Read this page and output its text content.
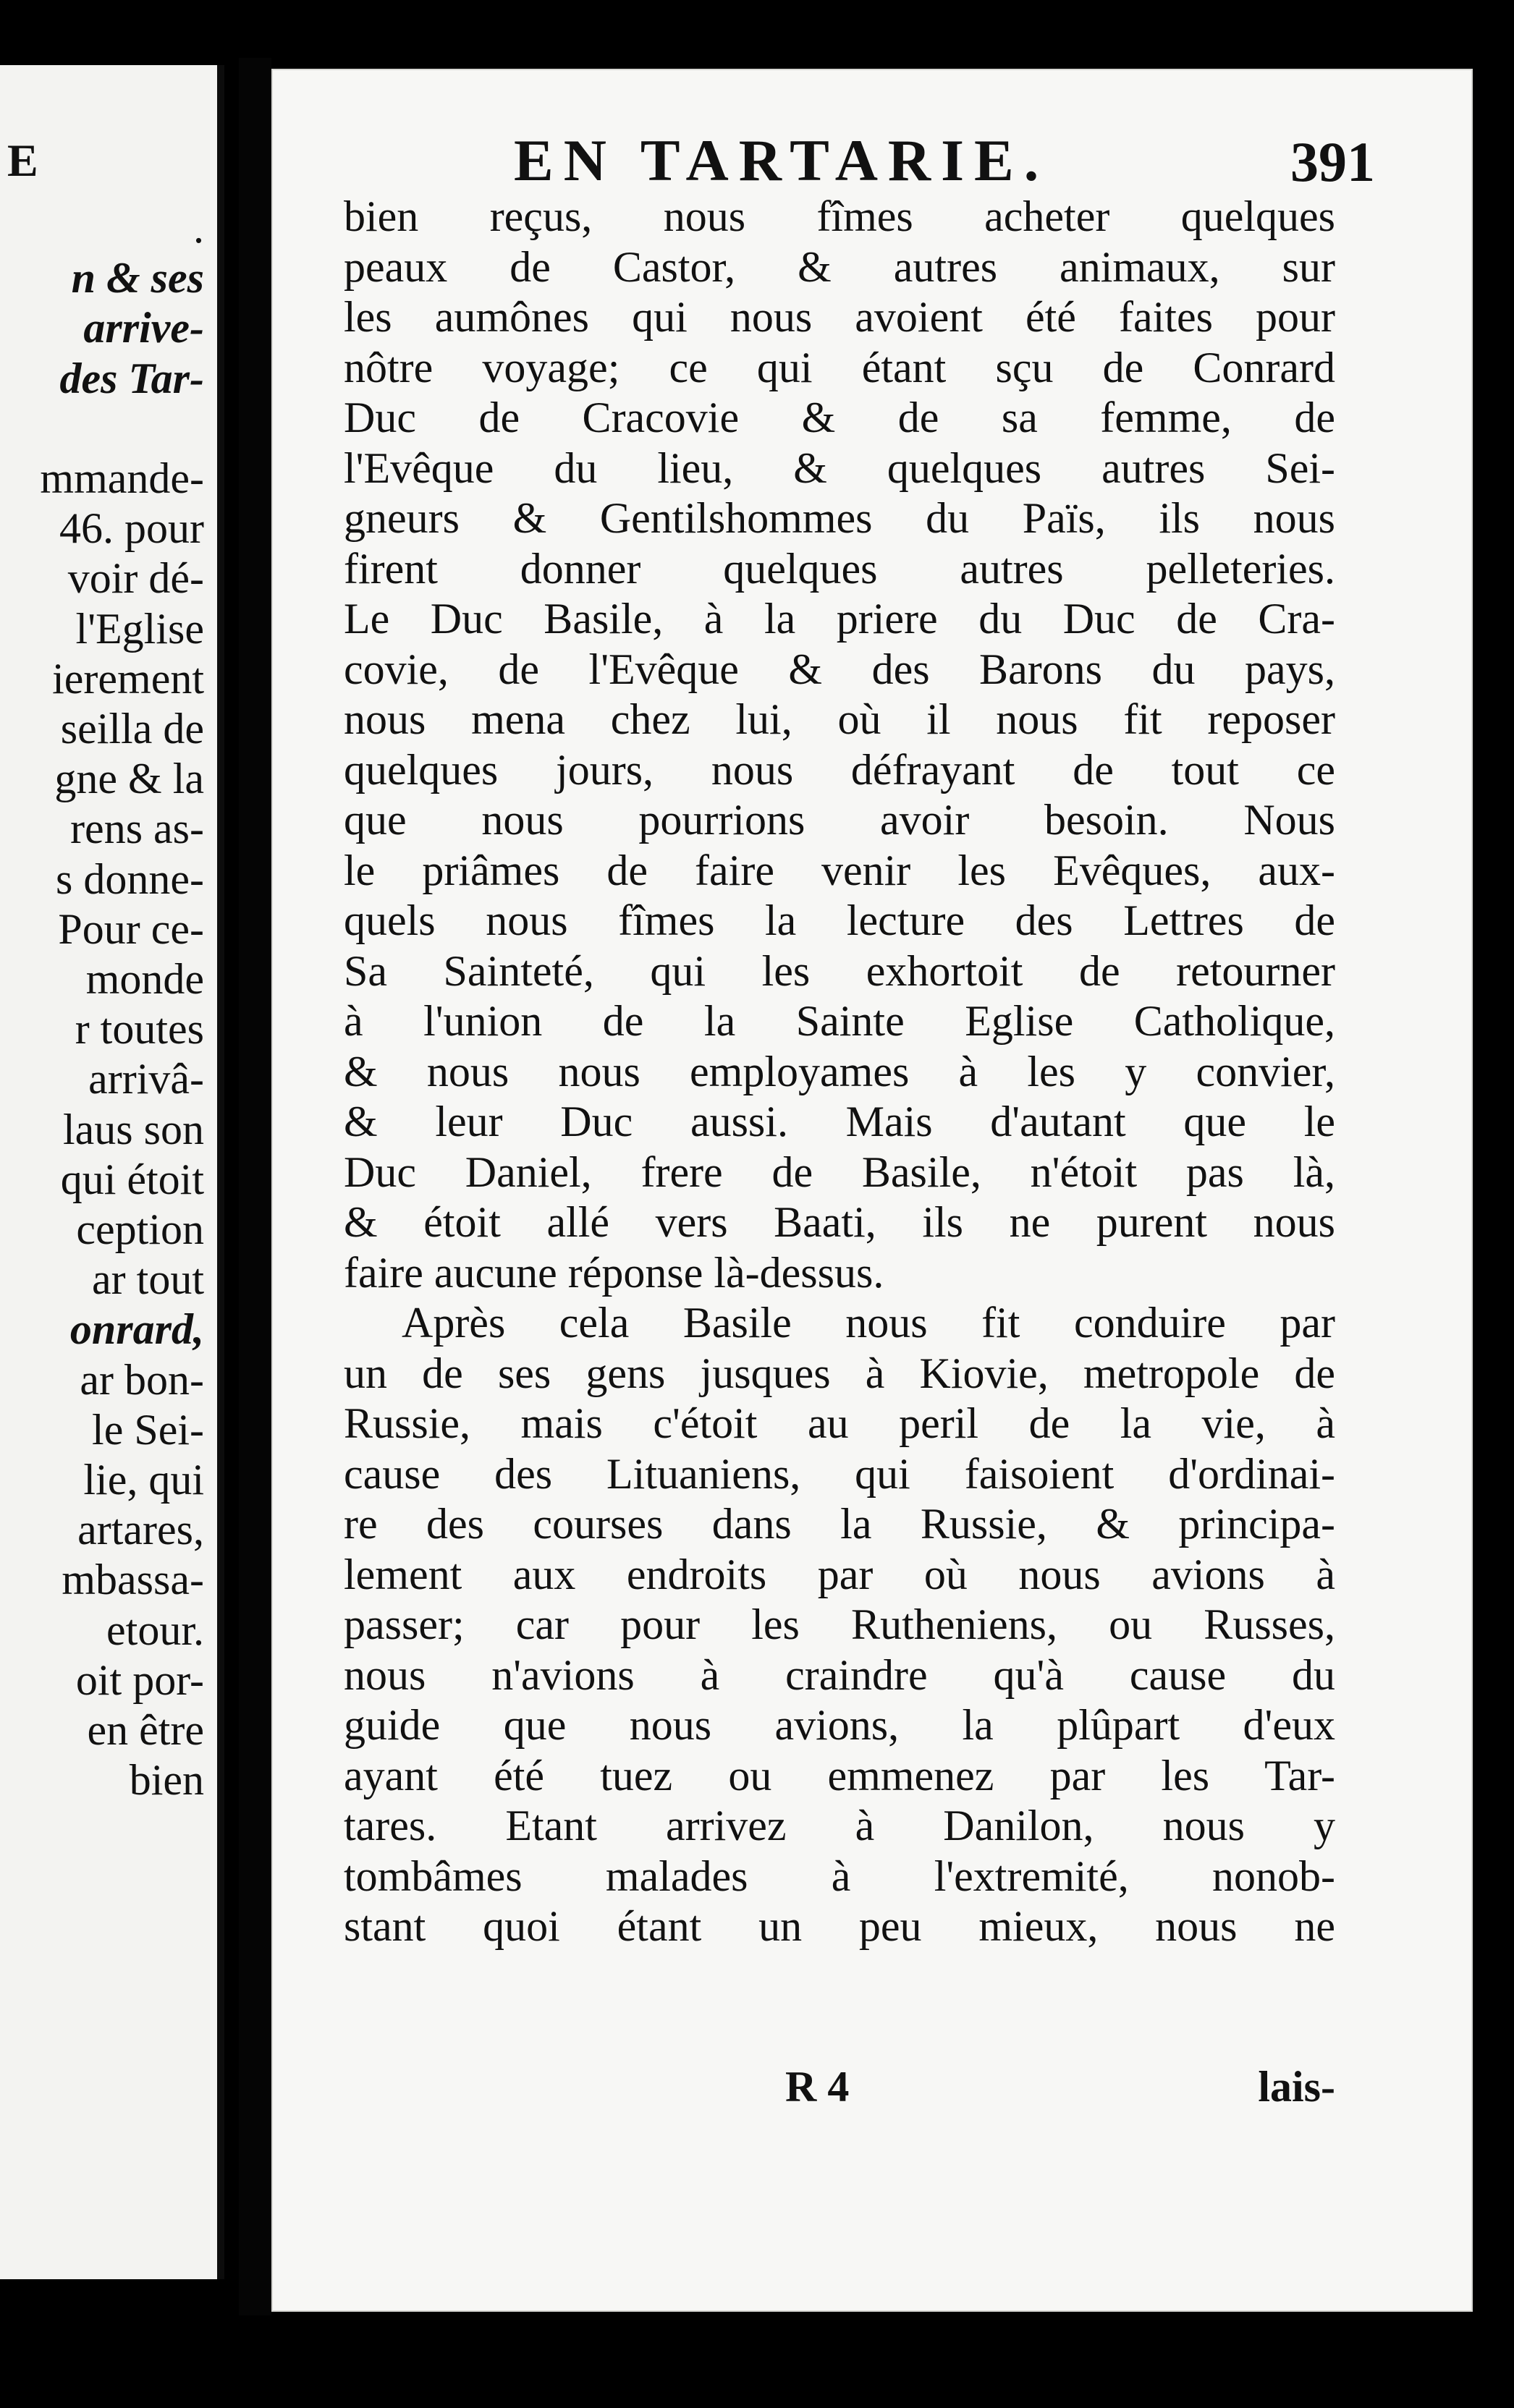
E
.
n & ses
arrive-
des Tar-
mmande-
46. pour
voir dé-
l'Eglise
ierement
seilla de
gne & la
rens as-
s donne-
Pour ce-
monde
r toutes
arrivâ-
laus son
qui étoit
ception
ar tout
onrard,
ar bon-
le Sei-
lie, qui
artares,
mbassa-
etour.
oit por-
en être
bien
EN TARTARIE.	391
bien reçus, nous fîmes acheter quelques
peaux de Castor, & autres animaux, sur
les aumônes qui nous avoient été faites pour
nôtre voyage; ce qui étant sçu de Conrard
Duc de Cracovie & de sa femme, de
l'Evêque du lieu, & quelques autres Sei-
gneurs & Gentilshommes du Païs, ils nous
firent donner quelques autres pelleteries.
Le Duc Basile, à la priere du Duc de Cra-
covie, de l'Evêque & des Barons du pays,
nous mena chez lui, où il nous fit reposer
quelques jours, nous défrayant de tout ce
que nous pourrions avoir besoin. Nous
le priâmes de faire venir les Evêques, aux-
quels nous fîmes la lecture des Lettres de
Sa Sainteté, qui les exhortoit de retourner
à l'union de la Sainte Eglise Catholique,
& nous nous employames à les y convier,
& leur Duc aussi. Mais d'autant que le
Duc Daniel, frere de Basile, n'étoit pas là,
& étoit allé vers Baati, ils ne purent nous
faire aucune réponse là-dessus.
Après cela Basile nous fit conduire par
un de ses gens jusques à Kiovie, metropole de
Russie, mais c'étoit au peril de la vie, à
cause des Lituaniens, qui faisoient d'ordinai-
re des courses dans la Russie, & principa-
lement aux endroits par où nous avions à
passer; car pour les Rutheniens, ou Russes,
nous n'avions à craindre qu'à cause du
guide que nous avions, la plûpart d'eux
ayant été tuez ou emmenez par les Tar-
tares. Etant arrivez à Danilon, nous y
tombâmes malades à l'extremité, nonob-
stant quoi étant un peu mieux, nous ne
R 4	lais-
